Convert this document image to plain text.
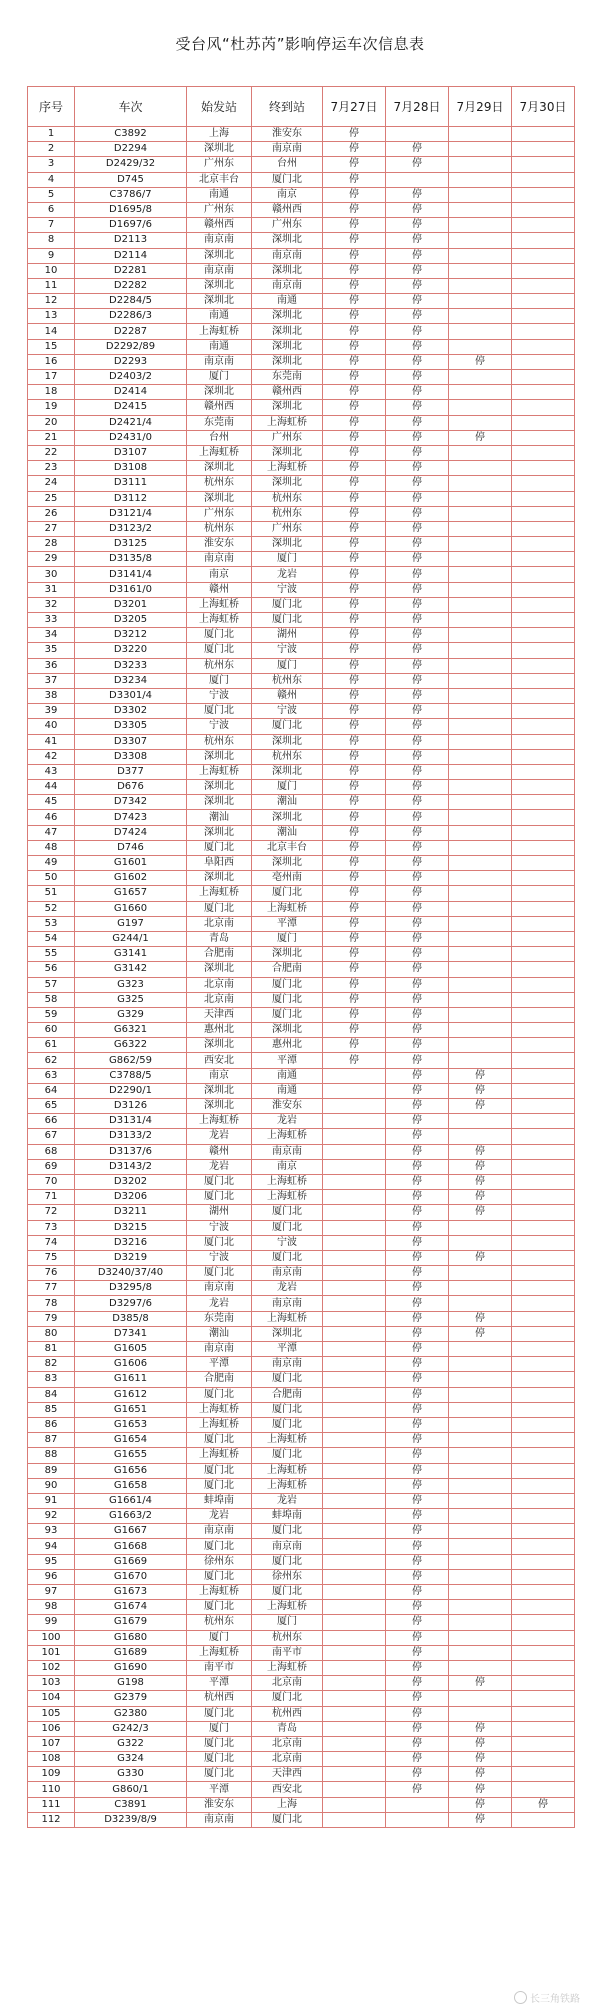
受台风“杜苏芮”影响停运车次信息表
序号	车次	始发站	终到站	7月27日	7月28日	7月29日	7月30日
1	C3892	上海	淮安东	停			
2	D2294	深圳北	南京南	停	停		
3	D2429/32	广州东	台州	停	停		
4	D745	北京丰台	厦门北	停			
5	C3786/7	南通	南京	停	停		
6	D1695/8	广州东	赣州西	停	停		
7	D1697/6	赣州西	广州东	停	停		
8	D2113	南京南	深圳北	停	停		
9	D2114	深圳北	南京南	停	停		
10	D2281	南京南	深圳北	停	停		
11	D2282	深圳北	南京南	停	停		
12	D2284/5	深圳北	南通	停	停		
13	D2286/3	南通	深圳北	停	停		
14	D2287	上海虹桥	深圳北	停	停		
15	D2292/89	南通	深圳北	停	停		
16	D2293	南京南	深圳北	停	停	停	
17	D2403/2	厦门	东莞南	停	停		
18	D2414	深圳北	赣州西	停	停		
19	D2415	赣州西	深圳北	停	停		
20	D2421/4	东莞南	上海虹桥	停	停		
21	D2431/0	台州	广州东	停	停	停	
22	D3107	上海虹桥	深圳北	停	停		
23	D3108	深圳北	上海虹桥	停	停		
24	D3111	杭州东	深圳北	停	停		
25	D3112	深圳北	杭州东	停	停		
26	D3121/4	广州东	杭州东	停	停		
27	D3123/2	杭州东	广州东	停	停		
28	D3125	淮安东	深圳北	停	停		
29	D3135/8	南京南	厦门	停	停		
30	D3141/4	南京	龙岩	停	停		
31	D3161/0	赣州	宁波	停	停		
32	D3201	上海虹桥	厦门北	停	停		
33	D3205	上海虹桥	厦门北	停	停		
34	D3212	厦门北	湖州	停	停		
35	D3220	厦门北	宁波	停	停		
36	D3233	杭州东	厦门	停	停		
37	D3234	厦门	杭州东	停	停		
38	D3301/4	宁波	赣州	停	停		
39	D3302	厦门北	宁波	停	停		
40	D3305	宁波	厦门北	停	停		
41	D3307	杭州东	深圳北	停	停		
42	D3308	深圳北	杭州东	停	停		
43	D377	上海虹桥	深圳北	停	停		
44	D676	深圳北	厦门	停	停		
45	D7342	深圳北	潮汕	停	停		
46	D7423	潮汕	深圳北	停	停		
47	D7424	深圳北	潮汕	停	停		
48	D746	厦门北	北京丰台	停	停		
49	G1601	阜阳西	深圳北	停	停		
50	G1602	深圳北	亳州南	停	停		
51	G1657	上海虹桥	厦门北	停	停		
52	G1660	厦门北	上海虹桥	停	停		
53	G197	北京南	平潭	停	停		
54	G244/1	青岛	厦门	停	停		
55	G3141	合肥南	深圳北	停	停		
56	G3142	深圳北	合肥南	停	停		
57	G323	北京南	厦门北	停	停		
58	G325	北京南	厦门北	停	停		
59	G329	天津西	厦门北	停	停		
60	G6321	惠州北	深圳北	停	停		
61	G6322	深圳北	惠州北	停	停		
62	G862/59	西安北	平潭	停	停		
63	C3788/5	南京	南通		停	停	
64	D2290/1	深圳北	南通		停	停	
65	D3126	深圳北	淮安东		停	停	
66	D3131/4	上海虹桥	龙岩		停		
67	D3133/2	龙岩	上海虹桥		停		
68	D3137/6	赣州	南京南		停	停	
69	D3143/2	龙岩	南京		停	停	
70	D3202	厦门北	上海虹桥		停	停	
71	D3206	厦门北	上海虹桥		停	停	
72	D3211	湖州	厦门北		停	停	
73	D3215	宁波	厦门北		停		
74	D3216	厦门北	宁波		停		
75	D3219	宁波	厦门北		停	停	
76	D3240/37/40	厦门北	南京南		停		
77	D3295/8	南京南	龙岩		停		
78	D3297/6	龙岩	南京南		停		
79	D385/8	东莞南	上海虹桥		停	停	
80	D7341	潮汕	深圳北		停	停	
81	G1605	南京南	平潭		停		
82	G1606	平潭	南京南		停		
83	G1611	合肥南	厦门北		停		
84	G1612	厦门北	合肥南		停		
85	G1651	上海虹桥	厦门北		停		
86	G1653	上海虹桥	厦门北		停		
87	G1654	厦门北	上海虹桥		停		
88	G1655	上海虹桥	厦门北		停		
89	G1656	厦门北	上海虹桥		停		
90	G1658	厦门北	上海虹桥		停		
91	G1661/4	蚌埠南	龙岩		停		
92	G1663/2	龙岩	蚌埠南		停		
93	G1667	南京南	厦门北		停		
94	G1668	厦门北	南京南		停		
95	G1669	徐州东	厦门北		停		
96	G1670	厦门北	徐州东		停		
97	G1673	上海虹桥	厦门北		停		
98	G1674	厦门北	上海虹桥		停		
99	G1679	杭州东	厦门		停		
100	G1680	厦门	杭州东		停		
101	G1689	上海虹桥	南平市		停		
102	G1690	南平市	上海虹桥		停		
103	G198	平潭	北京南		停	停	
104	G2379	杭州西	厦门北		停		
105	G2380	厦门北	杭州西		停		
106	G242/3	厦门	青岛		停	停	
107	G322	厦门北	北京南		停	停	
108	G324	厦门北	北京南		停	停	
109	G330	厦门北	天津西		停	停	
110	G860/1	平潭	西安北		停	停	
111	C3891	淮安东	上海			停	停
112	D3239/8/9	南京南	厦门北			停	
长三角铁路
